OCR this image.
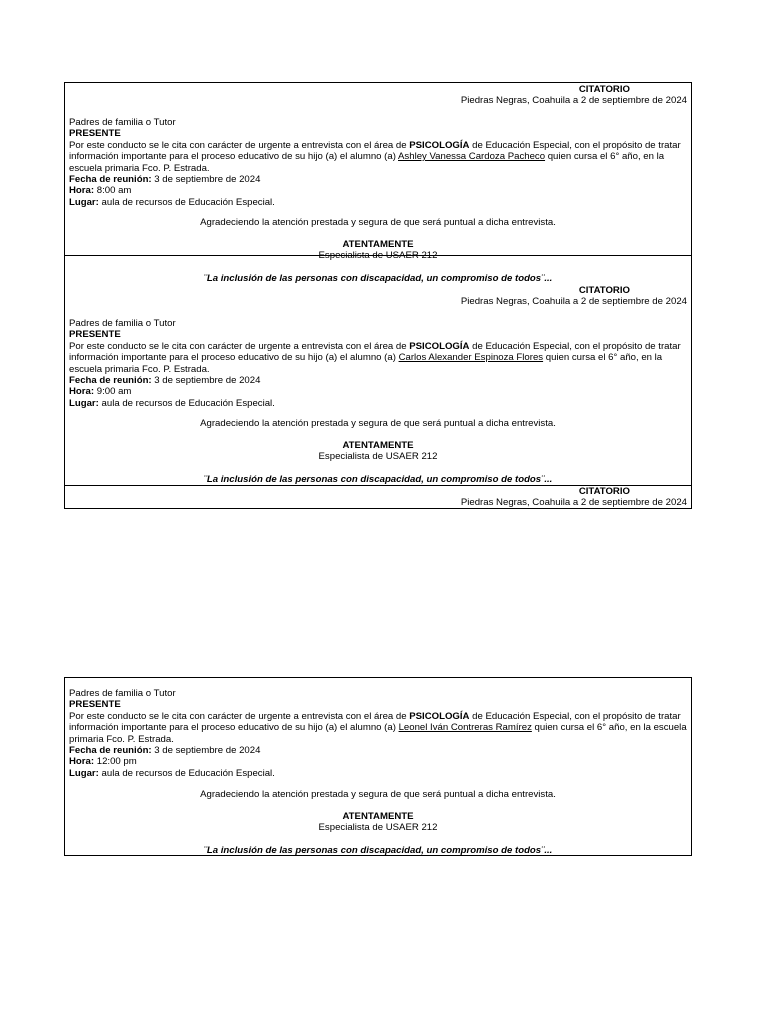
CITATORIO
Piedras Negras, Coahuila a 2 de septiembre de 2024
Padres de familia o Tutor
PRESENTE
Por este conducto se le cita con carácter de urgente a entrevista con el área de PSICOLOGÍA de Educación Especial, con el propósito de tratar información importante para el proceso educativo de su hijo (a) el alumno (a) Ashley Vanessa Cardoza Pacheco quien cursa el 6° año, en la escuela primaria Fco. P. Estrada.
Fecha de reunión: 3 de septiembre de 2024
Hora: 8:00 am
Lugar: aula de recursos de Educación Especial.
Agradeciendo la atención prestada y segura de que será puntual a dicha entrevista.
ATENTAMENTE
Especialista de USAER 212
¨La inclusión de las personas con discapacidad, un compromiso de todos¨...
CITATORIO
Piedras Negras, Coahuila a 2 de septiembre de 2024
Padres de familia o Tutor
PRESENTE
Por este conducto se le cita con carácter de urgente a entrevista con el área de PSICOLOGÍA de Educación Especial, con el propósito de tratar información importante para el proceso educativo de su hijo (a) el alumno (a) Carlos Alexander Espinoza Flores quien cursa el 6° año, en la escuela primaria Fco. P. Estrada.
Fecha de reunión: 3 de septiembre de 2024
Hora: 9:00 am
Lugar: aula de recursos de Educación Especial.
Agradeciendo la atención prestada y segura de que será puntual a dicha entrevista.
ATENTAMENTE
Especialista de USAER 212
¨La inclusión de las personas con discapacidad, un compromiso de todos¨...
CITATORIO
Piedras Negras, Coahuila a 2 de septiembre de 2024
Padres de familia o Tutor
PRESENTE
Por este conducto se le cita con carácter de urgente a entrevista con el área de PSICOLOGÍA de Educación Especial, con el propósito de tratar información importante para el proceso educativo de su hijo (a) el alumno (a) Leonel Iván Contreras Ramírez quien cursa el 6° año, en la escuela primaria Fco. P. Estrada.
Fecha de reunión: 3 de septiembre de 2024
Hora: 12:00 pm
Lugar: aula de recursos de Educación Especial.
Agradeciendo la atención prestada y segura de que será puntual a dicha entrevista.
ATENTAMENTE
Especialista de USAER 212
¨La inclusión de las personas con discapacidad, un compromiso de todos¨...
